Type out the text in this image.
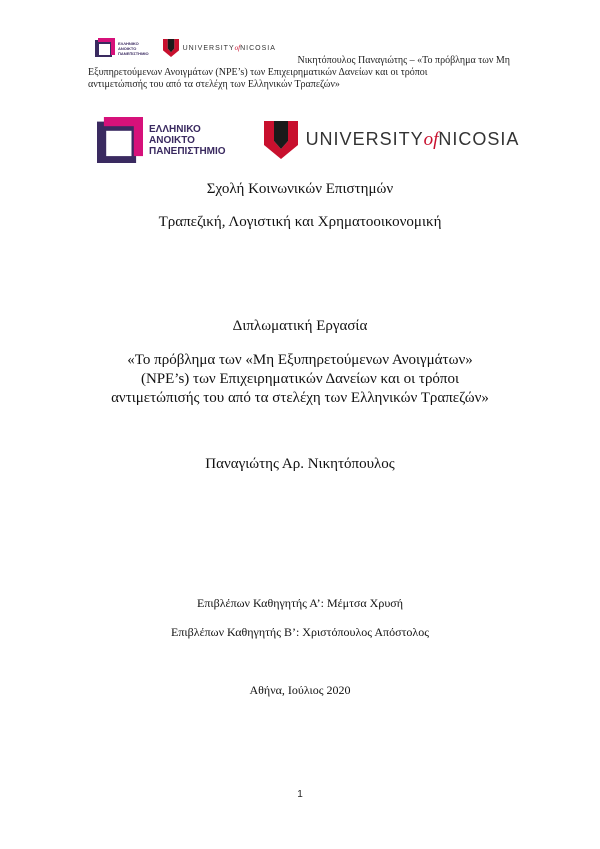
ΕΛΛΗΝΙΚΟ
ΑΝΟΙΚΤΟ
ΠΑΝΕΠΙΣΤΗΜΙΟ
UNIVERSITYofNICOSIA
Νικητόπουλος Παναγιώτης – «Το πρόβλημα των Μη
Εξυπηρετούμενων Ανοιγμάτων (NPE’s) των Επιχειρηματικών Δανείων και οι τρόποι
αντιμετώπισής του από τα στελέχη των Ελληνικών Τραπεζών»
ΕΛΛΗΝΙΚΟ
ΑΝΟΙΚΤΟ
ΠΑΝΕΠΙΣΤΗΜΙΟ
UNIVERSITYofNICOSIA
Σχολή Κοινωνικών Επιστημών
Τραπεζική, Λογιστική και Χρηματοοικονομική
Διπλωματική Εργασία
«Το πρόβλημα των «Μη Εξυπηρετούμενων Ανοιγμάτων»
(NPE’s) των Επιχειρηματικών Δανείων και οι τρόποι
αντιμετώπισής του από τα στελέχη των Ελληνικών Τραπεζών»
Παναγιώτης Αρ. Νικητόπουλος
Επιβλέπων Καθηγητής Α’: Μέμτσα Χρυσή
Επιβλέπων Καθηγητής Β’: Χριστόπουλος Απόστολος
Αθήνα, Ιούλιος 2020
1
